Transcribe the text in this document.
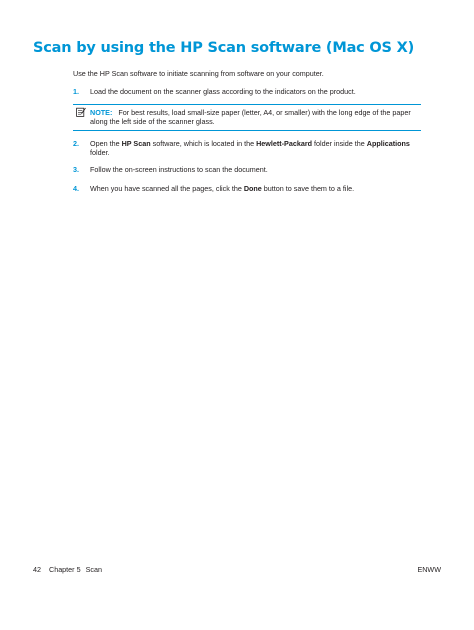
Scan by using the HP Scan software (Mac OS X)

Use the HP Scan software to initiate scanning from software on your computer.

1. Load the document on the scanner glass according to the indicators on the product.
NOTE: For best results, load small-size paper (letter, A4, or smaller) with the long edge of the paper along the left side of the scanner glass.
2. Open the HP Scan software, which is located in the Hewlett-Packard folder inside the Applications folder.
3. Follow the on-screen instructions to scan the document.
4. When you have scanned all the pages, click the Done button to save them to a file.
42 Chapter 5 Scan	ENWW
